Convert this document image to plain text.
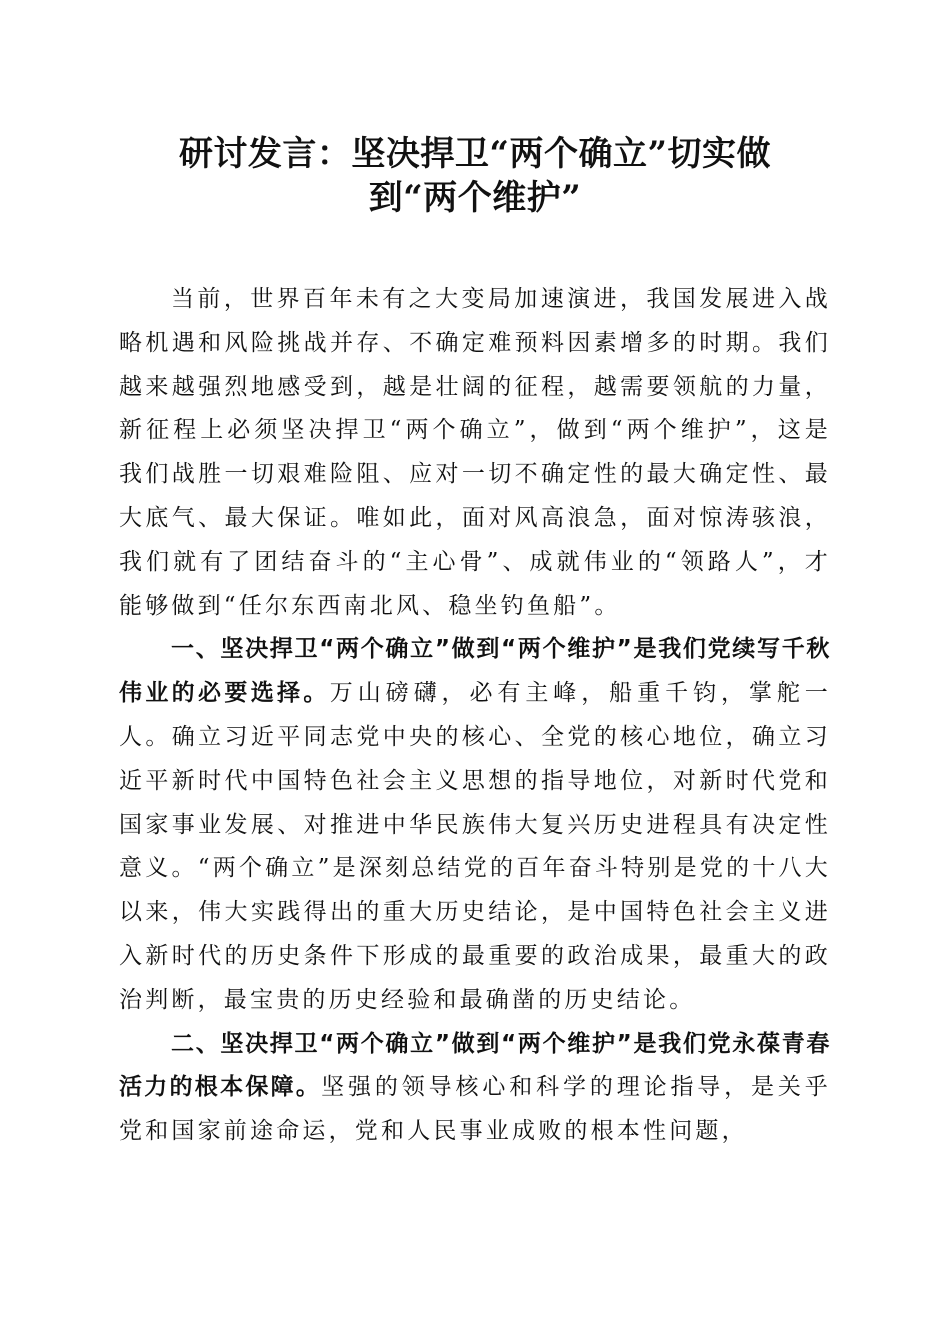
研讨发言：坚决捍卫“两个确立”切实做
到“两个维护”

当前，世界百年未有之大变局加速演进，我国发展进入战略机遇和风险挑战并存、不确定难预料因素增多的时期。我们越来越强烈地感受到，越是壮阔的征程，越需要领航的力量，新征程上必须坚决捍卫“两个确立”，做到“两个维护”，这是我们战胜一切艰难险阻、应对一切不确定性的最大确定性、最大底气、最大保证。唯如此，面对风高浪急，面对惊涛骇浪，我们就有了团结奋斗的“主心骨”、成就伟业的“领路人”，才能够做到“任尔东西南北风、稳坐钓鱼船”。

一、坚决捍卫“两个确立”做到“两个维护”是我们党续写千秋伟业的必要选择。万山磅礴，必有主峰，船重千钧，掌舵一人。确立习近平同志党中央的核心、全党的核心地位，确立习近平新时代中国特色社会主义思想的指导地位，对新时代党和国家事业发展、对推进中华民族伟大复兴历史进程具有决定性意义。“两个确立”是深刻总结党的百年奋斗特别是党的十八大以来，伟大实践得出的重大历史结论，是中国特色社会主义进入新时代的历史条件下形成的最重要的政治成果，最重大的政治判断，最宝贵的历史经验和最确凿的历史结论。

二、坚决捍卫“两个确立”做到“两个维护”是我们党永葆青春活力的根本保障。坚强的领导核心和科学的理论指导，是关乎党和国家前途命运，党和人民事业成败的根本性问题，
